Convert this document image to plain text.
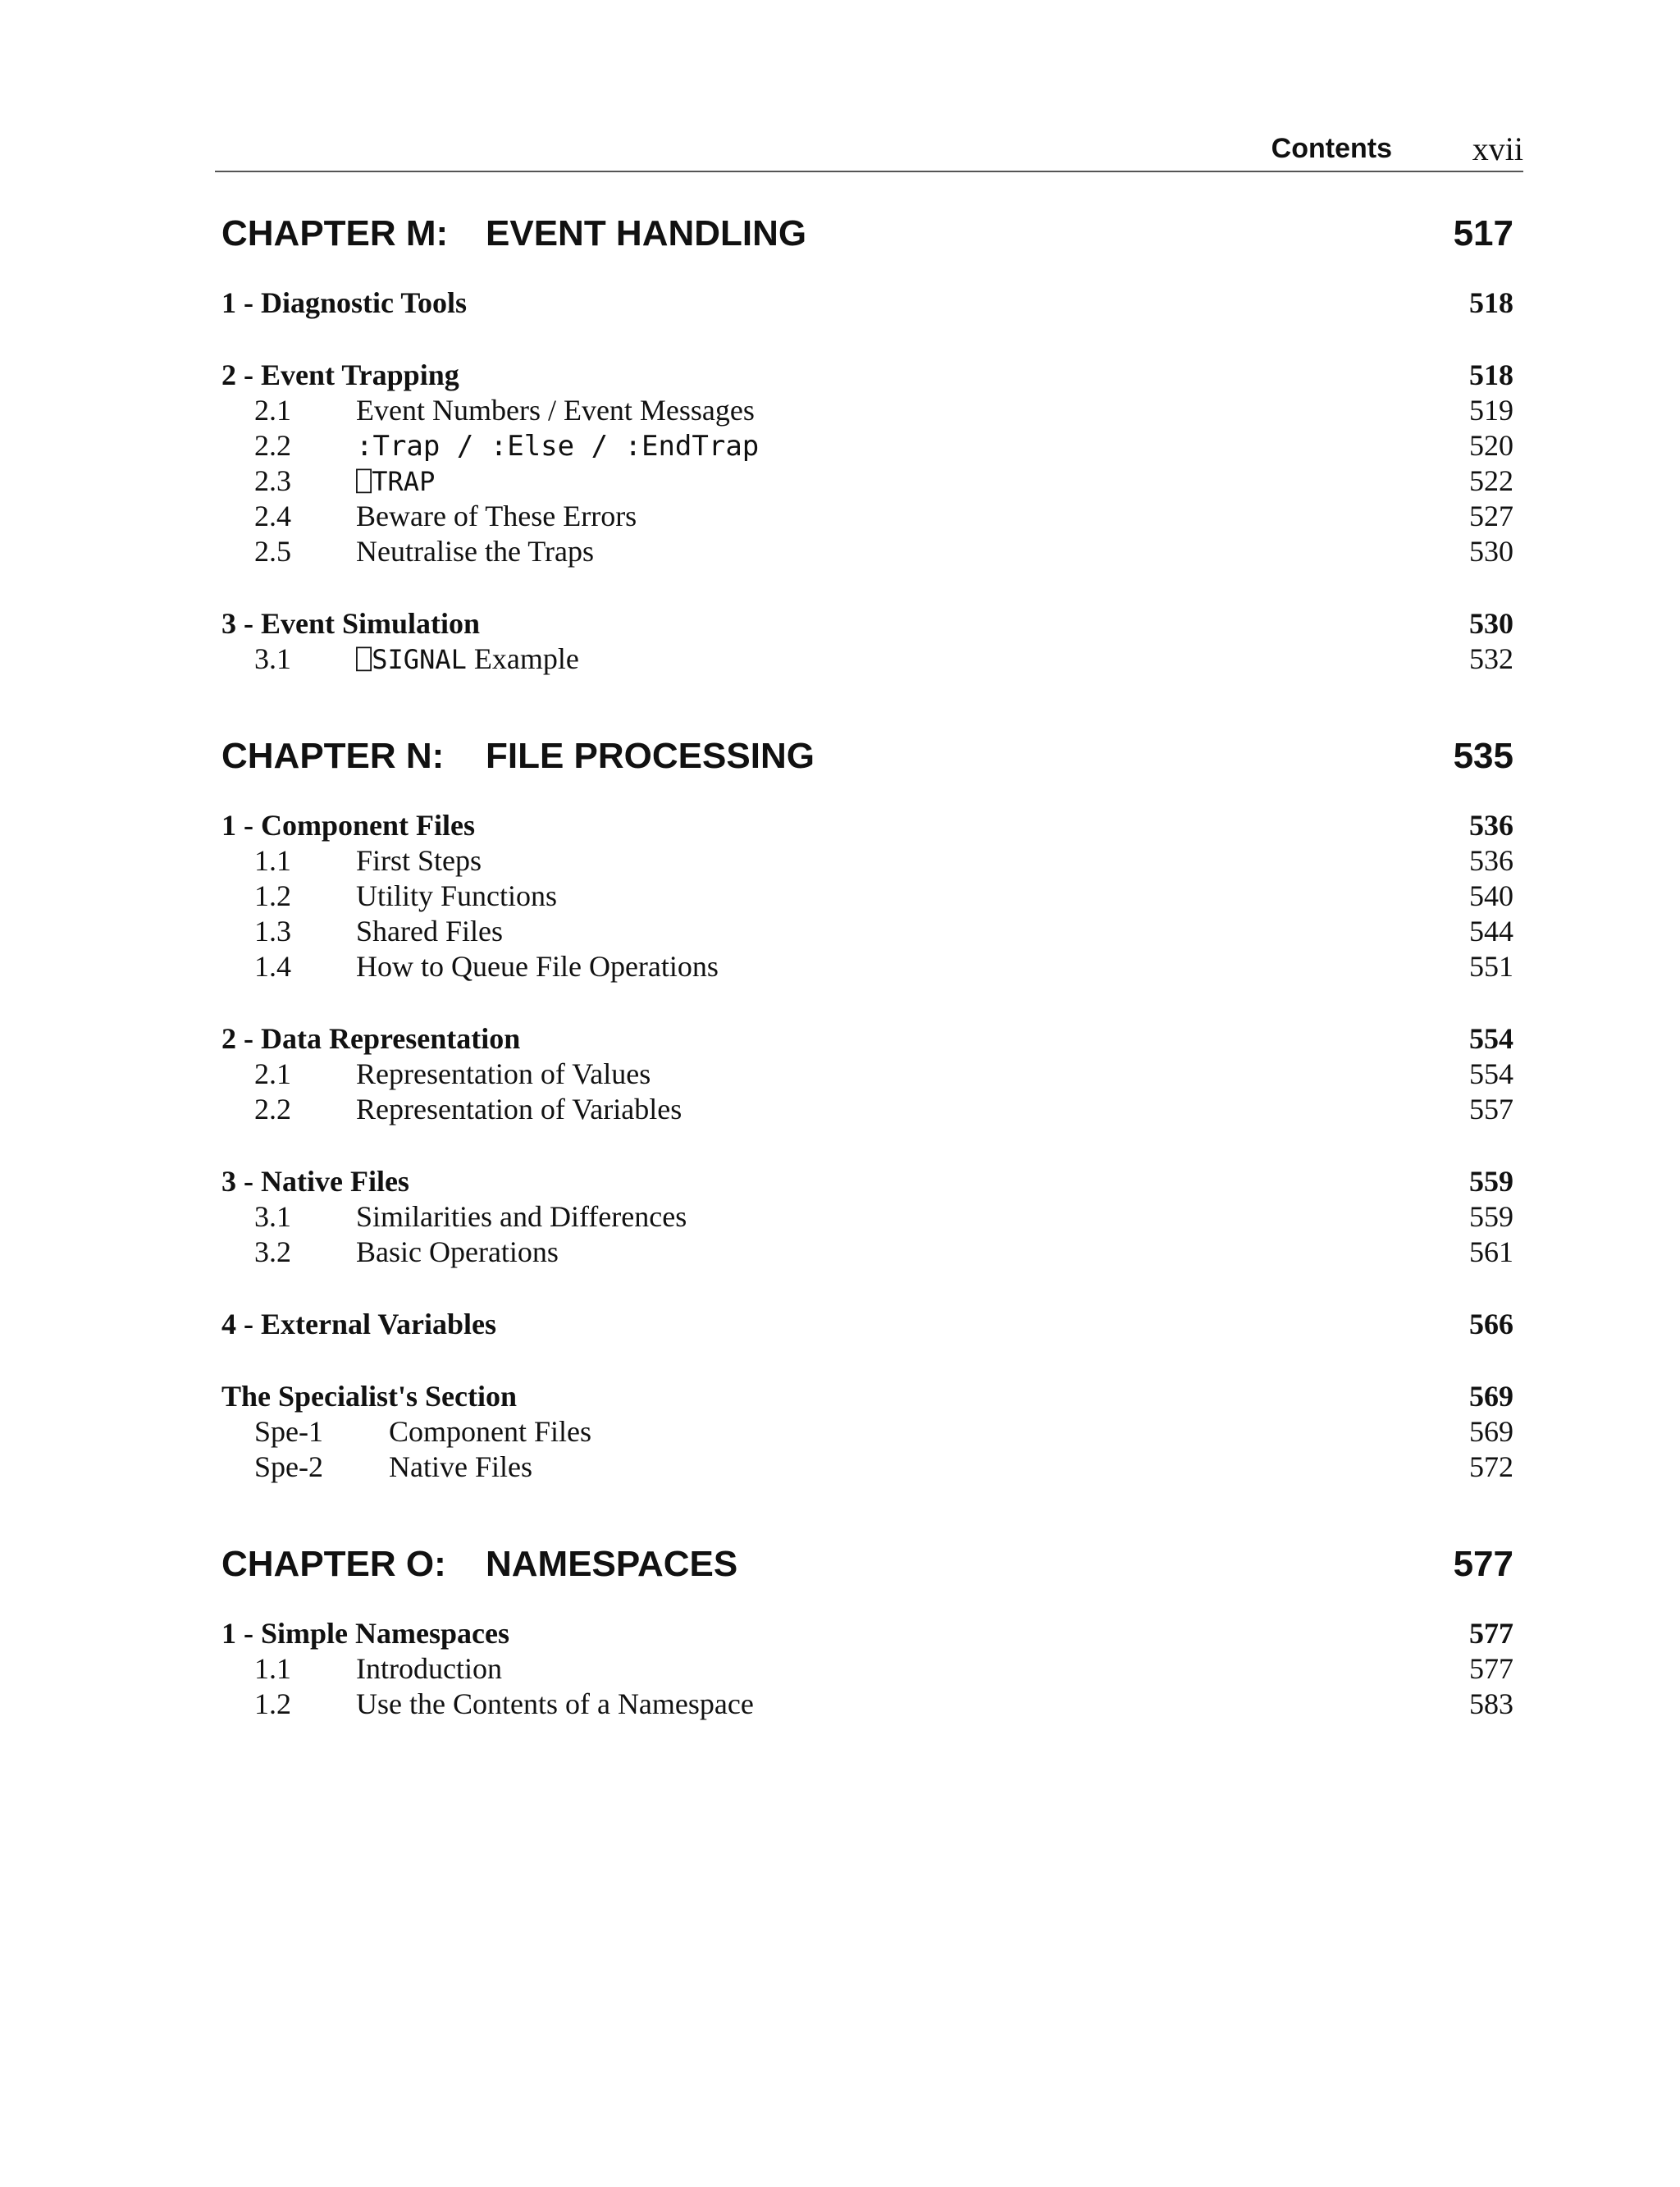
Contents xvii
CHAPTER M: EVENT HANDLING	517
1 - Diagnostic Tools	518
2 - Event Trapping	518
2.1 Event Numbers / Event Messages	519
2.2 :Trap / :Else / :EndTrap	520
2.3 ⎕TRAP	522
2.4 Beware of These Errors	527
2.5 Neutralise the Traps	530
3 - Event Simulation	530
3.1 ⎕SIGNAL Example	532
CHAPTER N: FILE PROCESSING	535
1 - Component Files	536
1.1 First Steps	536
1.2 Utility Functions	540
1.3 Shared Files	544
1.4 How to Queue File Operations	551
2 - Data Representation	554
2.1 Representation of Values	554
2.2 Representation of Variables	557
3 - Native Files	559
3.1 Similarities and Differences	559
3.2 Basic Operations	561
4 - External Variables	566
The Specialist's Section	569
Spe-1 Component Files	569
Spe-2 Native Files	572
CHAPTER O: NAMESPACES	577
1 - Simple Namespaces	577
1.1 Introduction	577
1.2 Use the Contents of a Namespace	583
